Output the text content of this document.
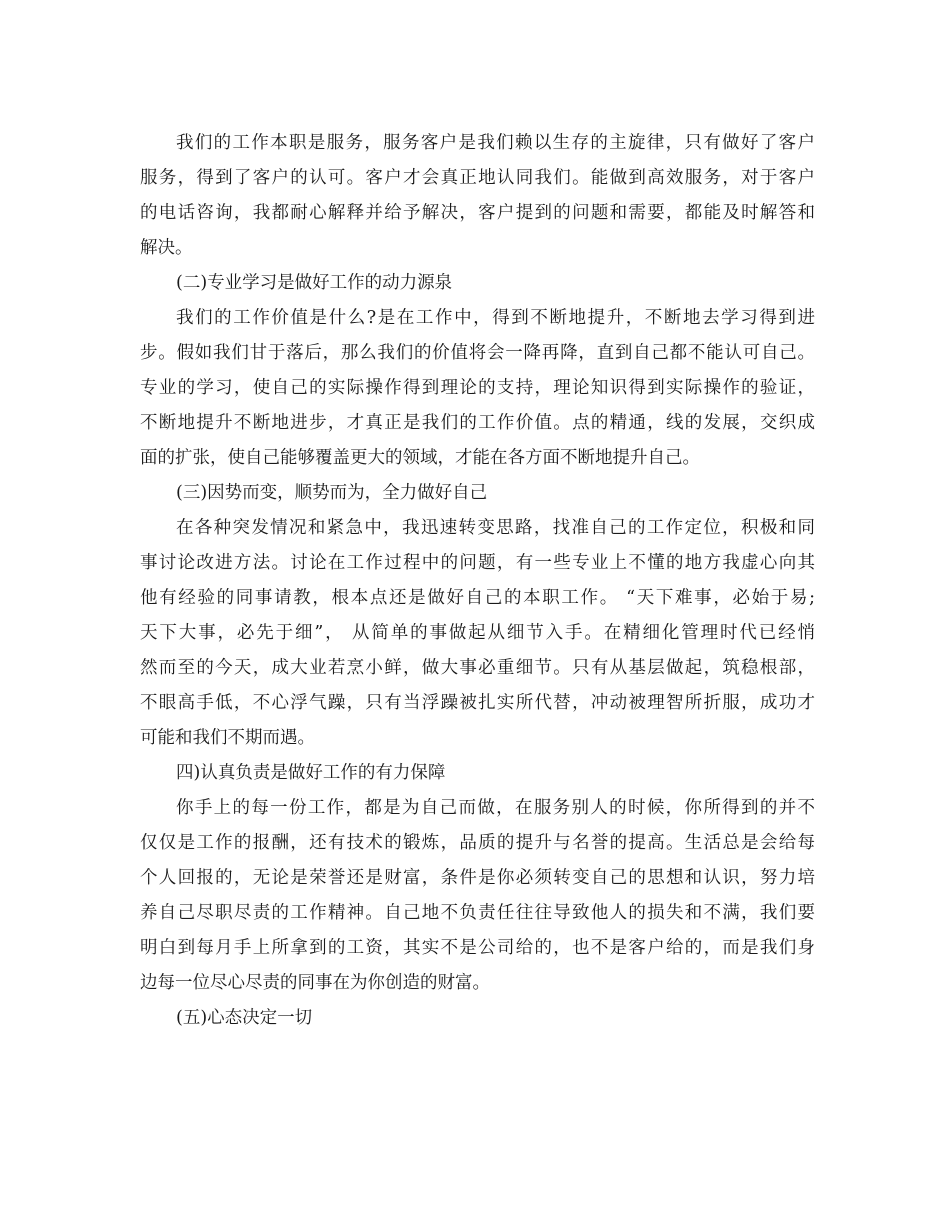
我们的工作本职是服务，服务客户是我们赖以生存的主旋律，只有做好了客户
服务，得到了客户的认可。客户才会真正地认同我们。能做到高效服务，对于客户
的电话咨询，我都耐心解释并给予解决，客户提到的问题和需要，都能及时解答和
解决。
(二)专业学习是做好工作的动力源泉
我们的工作价值是什么?是在工作中，得到不断地提升，不断地去学习得到进
步。假如我们甘于落后，那么我们的价值将会一降再降，直到自己都不能认可自己。
专业的学习，使自己的实际操作得到理论的支持，理论知识得到实际操作的验证，
不断地提升不断地进步，才真正是我们的工作价值。点的精通，线的发展，交织成
面的扩张，使自己能够覆盖更大的领域，才能在各方面不断地提升自己。
(三)因势而变，顺势而为，全力做好自己
在各种突发情况和紧急中，我迅速转变思路，找准自己的工作定位，积极和同
事讨论改进方法。讨论在工作过程中的问题，有一些专业上不懂的地方我虚心向其
他有经验的同事请教，根本点还是做好自己的本职工作。 “天下难事，必始于易;
天下大事，必先于细”， 从简单的事做起从细节入手。在精细化管理时代已经悄
然而至的今天，成大业若烹小鲜，做大事必重细节。只有从基层做起，筑稳根部，
不眼高手低，不心浮气躁，只有当浮躁被扎实所代替，冲动被理智所折服，成功才
可能和我们不期而遇。
四)认真负责是做好工作的有力保障
你手上的每一份工作，都是为自己而做，在服务别人的时候，你所得到的并不
仅仅是工作的报酬，还有技术的锻炼，品质的提升与名誉的提高。生活总是会给每
个人回报的，无论是荣誉还是财富，条件是你必须转变自己的思想和认识，努力培
养自己尽职尽责的工作精神。自己地不负责任往往导致他人的损失和不满，我们要
明白到每月手上所拿到的工资，其实不是公司给的，也不是客户给的，而是我们身
边每一位尽心尽责的同事在为你创造的财富。
(五)心态决定一切
